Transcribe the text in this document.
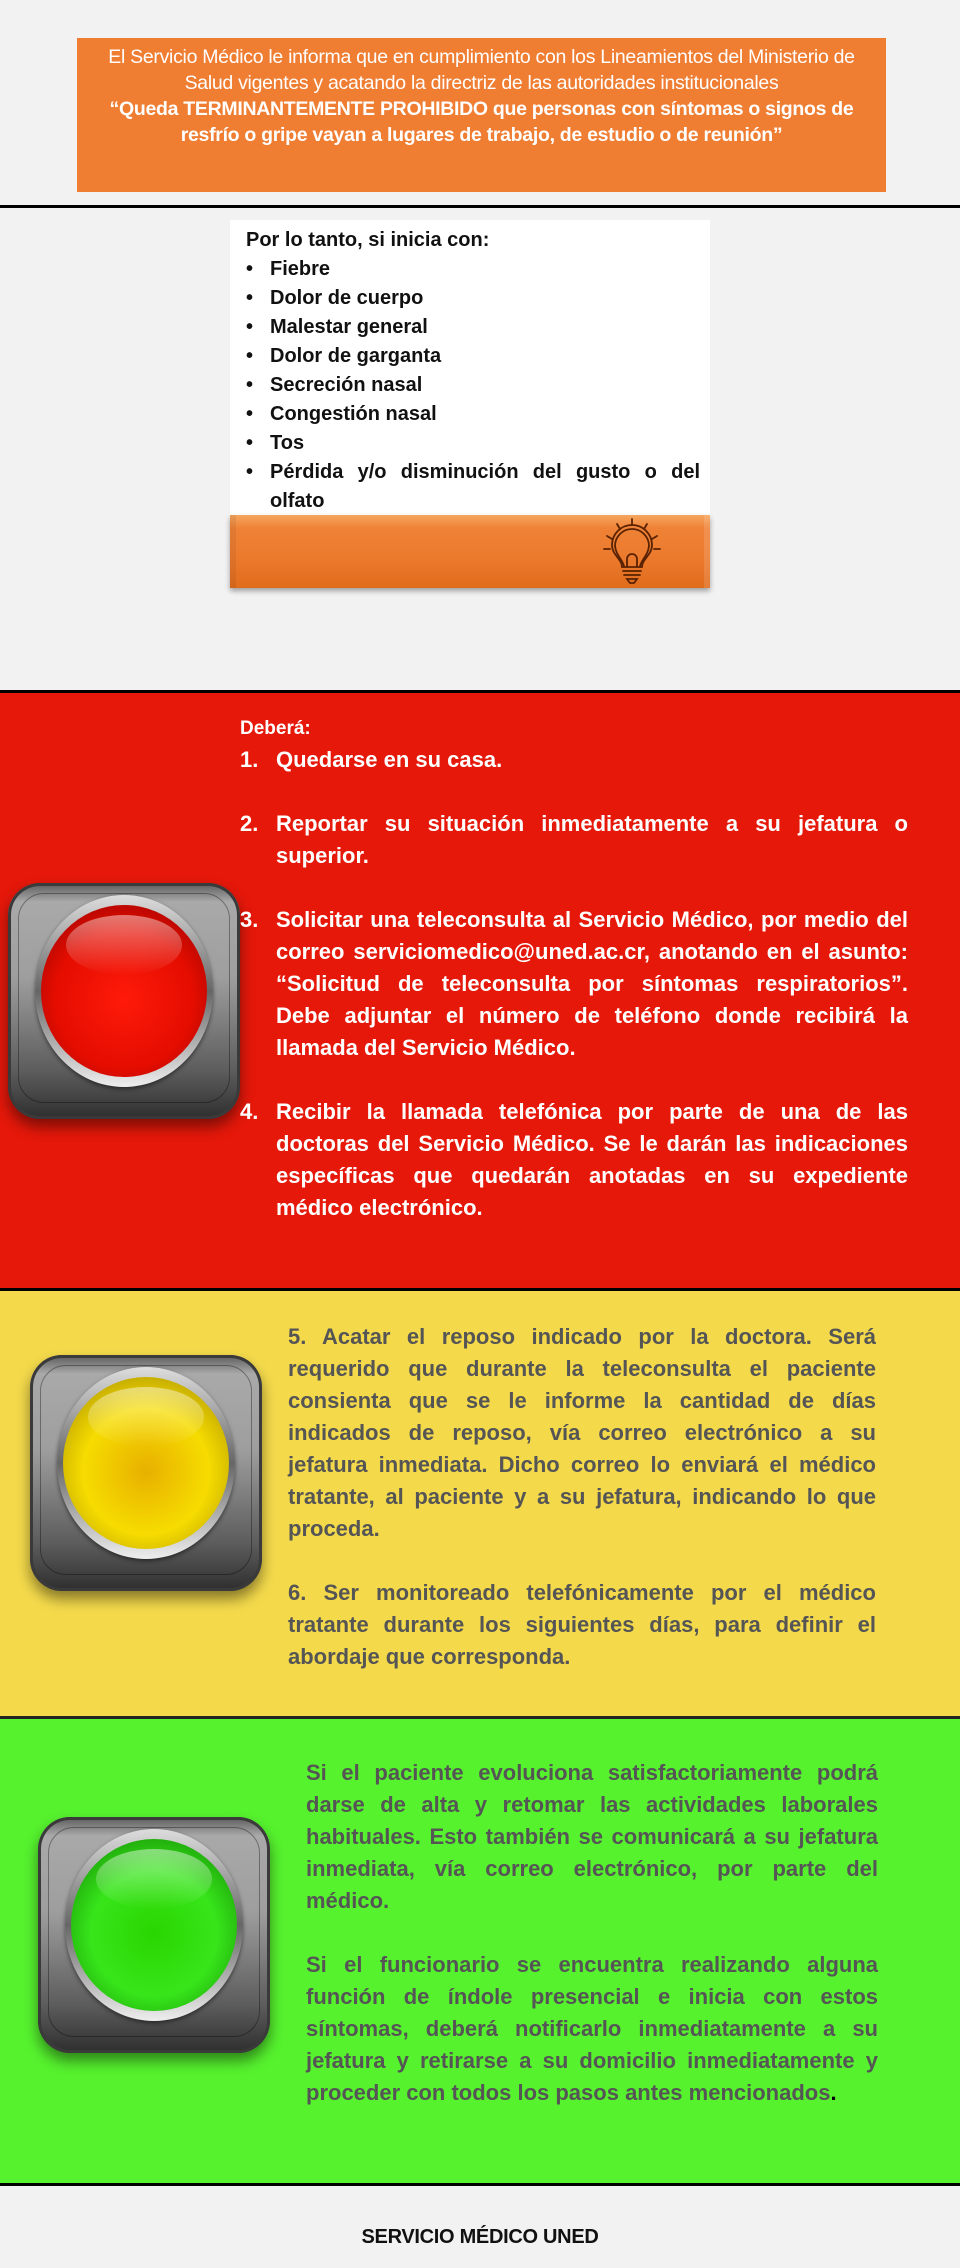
El Servicio Médico le informa que en cumplimiento con los Lineamientos del Ministerio de Salud vigentes y acatando la directriz de las autoridades institucionales
“Queda TERMINANTEMENTE PROHIBIDO que personas con síntomas o signos de resfrío o gripe vayan a lugares de trabajo, de estudio o de reunión”
Por lo tanto, si inicia con:
• Fiebre
• Dolor de cuerpo
• Malestar general
• Dolor de garganta
• Secreción nasal
• Congestión nasal
• Tos
• Pérdida y/o disminución del gusto o del olfato
Deberá:
1. Quedarse en su casa.
2. Reportar su situación inmediatamente a su jefatura o superior.
3. Solicitar una teleconsulta al Servicio Médico, por medio del correo serviciomedico@uned.ac.cr, anotando en el asunto: “Solicitud de teleconsulta por síntomas respiratorios”. Debe adjuntar el número de teléfono donde recibirá la llamada del Servicio Médico.
4. Recibir la llamada telefónica por parte de una de las doctoras del Servicio Médico. Se le darán las indicaciones específicas que quedarán anotadas en su expediente médico electrónico.

5. Acatar el reposo indicado por la doctora. Será requerido que durante la teleconsulta el paciente consienta que se le informe la cantidad de días indicados de reposo, vía correo electrónico a su jefatura inmediata. Dicho correo lo enviará el médico tratante, al paciente y a su jefatura, indicando lo que proceda.

6. Ser monitoreado telefónicamente por el médico tratante durante los siguientes días, para definir el abordaje que corresponda.

Si el paciente evoluciona satisfactoriamente podrá darse de alta y retomar las actividades laborales habituales. Esto también se comunicará a su jefatura inmediata, vía correo electrónico, por parte del médico.

Si el funcionario se encuentra realizando alguna función de índole presencial e inicia con estos síntomas, deberá notificarlo inmediatamente a su jefatura y retirarse a su domicilio inmediatamente y proceder con todos los pasos antes mencionados.

SERVICIO MÉDICO UNED
